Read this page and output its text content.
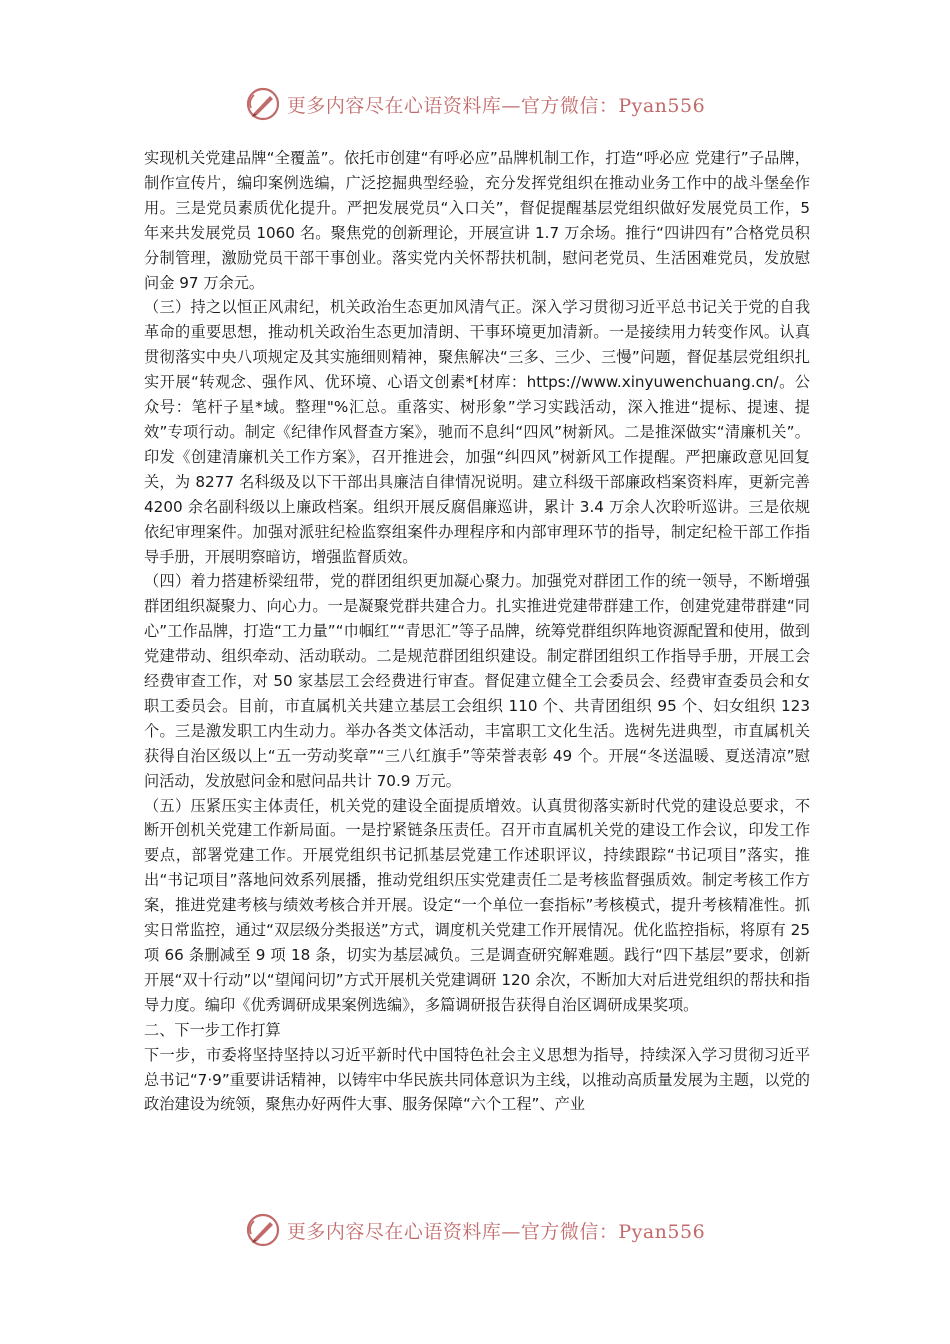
更多内容尽在心语资料库—官方微信：Pyan556

实现机关党建品牌“全覆盖”。依托市创建“有呼必应”品牌机制工作，打造“呼必应 党建行”子品牌，制作宣传片，编印案例选编，广泛挖掘典型经验，充分发挥党组织在推动业务工作中的战斗堡垒作用。三是党员素质优化提升。严把发展党员“入口关”，督促提醒基层党组织做好发展党员工作，5 年来共发展党员 1060 名。聚焦党的创新理论，开展宣讲 1.7 万余场。推行“四讲四有”合格党员积分制管理，激励党员干部干事创业。落实党内关怀帮扶机制，慰问老党员、生活困难党员，发放慰问金 97 万余元。

（三）持之以恒正风肃纪，机关政治生态更加风清气正。深入学习贯彻习近平总书记关于党的自我革命的重要思想，推动机关政治生态更加清朗、干事环境更加清新。一是接续用力转变作风。认真贯彻落实中央八项规定及其实施细则精神，聚焦解决“三多、三少、三慢”问题，督促基层党组织扎实开展“转观念、强作风、优环境、心语文创素*[材库：https://www.xinyuwenchuang.cn/。公众号：笔杆子星*域。整理"%汇总。重落实、树形象”学习实践活动，深入推进“提标、提速、提效”专项行动。制定《纪律作风督查方案》，驰而不息纠“四风”树新风。二是推深做实“清廉机关”。印发《创建清廉机关工作方案》，召开推进会，加强“纠四风”树新风工作提醒。严把廉政意见回复关，为 8277 名科级及以下干部出具廉洁自律情况说明。建立科级干部廉政档案资料库，更新完善 4200 余名副科级以上廉政档案。组织开展反腐倡廉巡讲，累计 3.4 万余人次聆听巡讲。三是依规依纪审理案件。加强对派驻纪检监察组案件办理程序和内部审理环节的指导，制定纪检干部工作指导手册，开展明察暗访，增强监督质效。

（四）着力搭建桥梁纽带，党的群团组织更加凝心聚力。加强党对群团工作的统一领导，不断增强群团组织凝聚力、向心力。一是凝聚党群共建合力。扎实推进党建带群建工作，创建党建带群建“同心”工作品牌，打造“工力量”“巾帼红”“青思汇”等子品牌，统筹党群组织阵地资源配置和使用，做到党建带动、组织牵动、活动联动。二是规范群团组织建设。制定群团组织工作指导手册，开展工会经费审查工作，对 50 家基层工会经费进行审查。督促建立健全工会委员会、经费审查委员会和女职工委员会。目前，市直属机关共建立基层工会组织 110 个、共青团组织 95 个、妇女组织 123 个。三是激发职工内生动力。举办各类文体活动，丰富职工文化生活。选树先进典型，市直属机关获得自治区级以上“五一劳动奖章”“三八红旗手”等荣誉表彰 49 个。开展“冬送温暖、夏送清凉”慰问活动，发放慰问金和慰问品共计 70.9 万元。

（五）压紧压实主体责任，机关党的建设全面提质增效。认真贯彻落实新时代党的建设总要求，不断开创机关党建工作新局面。一是拧紧链条压责任。召开市直属机关党的建设工作会议，印发工作要点，部署党建工作。开展党组织书记抓基层党建工作述职评议，持续跟踪“书记项目”落实，推出“书记项目”落地问效系列展播，推动党组织压实党建责任二是考核监督强质效。制定考核工作方案，推进党建考核与绩效考核合并开展。设定“一个单位一套指标”考核模式，提升考核精准性。抓实日常监控，通过“双层级分类报送”方式，调度机关党建工作开展情况。优化监控指标，将原有 25 项 66 条删减至 9 项 18 条，切实为基层减负。三是调查研究解难题。践行“四下基层”要求，创新开展“双十行动”以“望闻问切”方式开展机关党建调研 120 余次，不断加大对后进党组织的帮扶和指导力度。编印《优秀调研成果案例选编》，多篇调研报告获得自治区调研成果奖项。

二、下一步工作打算

下一步，市委将坚持坚持以习近平新时代中国特色社会主义思想为指导，持续深入学习贯彻习近平总书记“7·9”重要讲话精神，以铸牢中华民族共同体意识为主线，以推动高质量发展为主题，以党的政治建设为统领，聚焦办好两件大事、服务保障“六个工程”、产业

更多内容尽在心语资料库—官方微信：Pyan556
